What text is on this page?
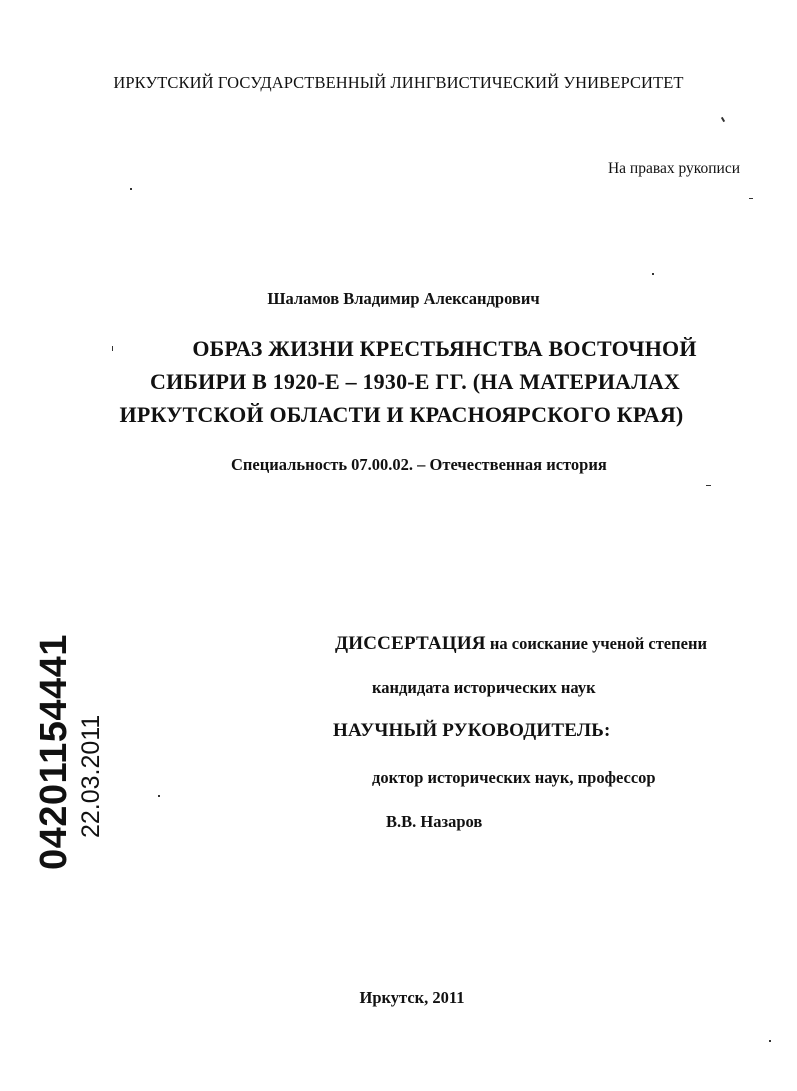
ИРКУТСКИЙ ГОСУДАРСТВЕННЫЙ ЛИНГВИСТИЧЕСКИЙ УНИВЕРСИТЕТ
На правах рукописи
Шаламов Владимир Александрович
ОБРАЗ ЖИЗНИ КРЕСТЬЯНСТВА ВОСТОЧНОЙ
СИБИРИ В 1920-Е – 1930-Е ГГ. (НА МАТЕРИАЛАХ
ИРКУТСКОЙ ОБЛАСТИ И КРАСНОЯРСКОГО КРАЯ)
Специальность 07.00.02. – Отечественная история
ДИССЕРТАЦИЯ на соискание ученой степени
кандидата исторических наук
НАУЧНЫЙ РУКОВОДИТЕЛЬ:
доктор исторических наук, профессор
В.В. Назаров
Иркутск, 2011
04201154441 22.03.2011
